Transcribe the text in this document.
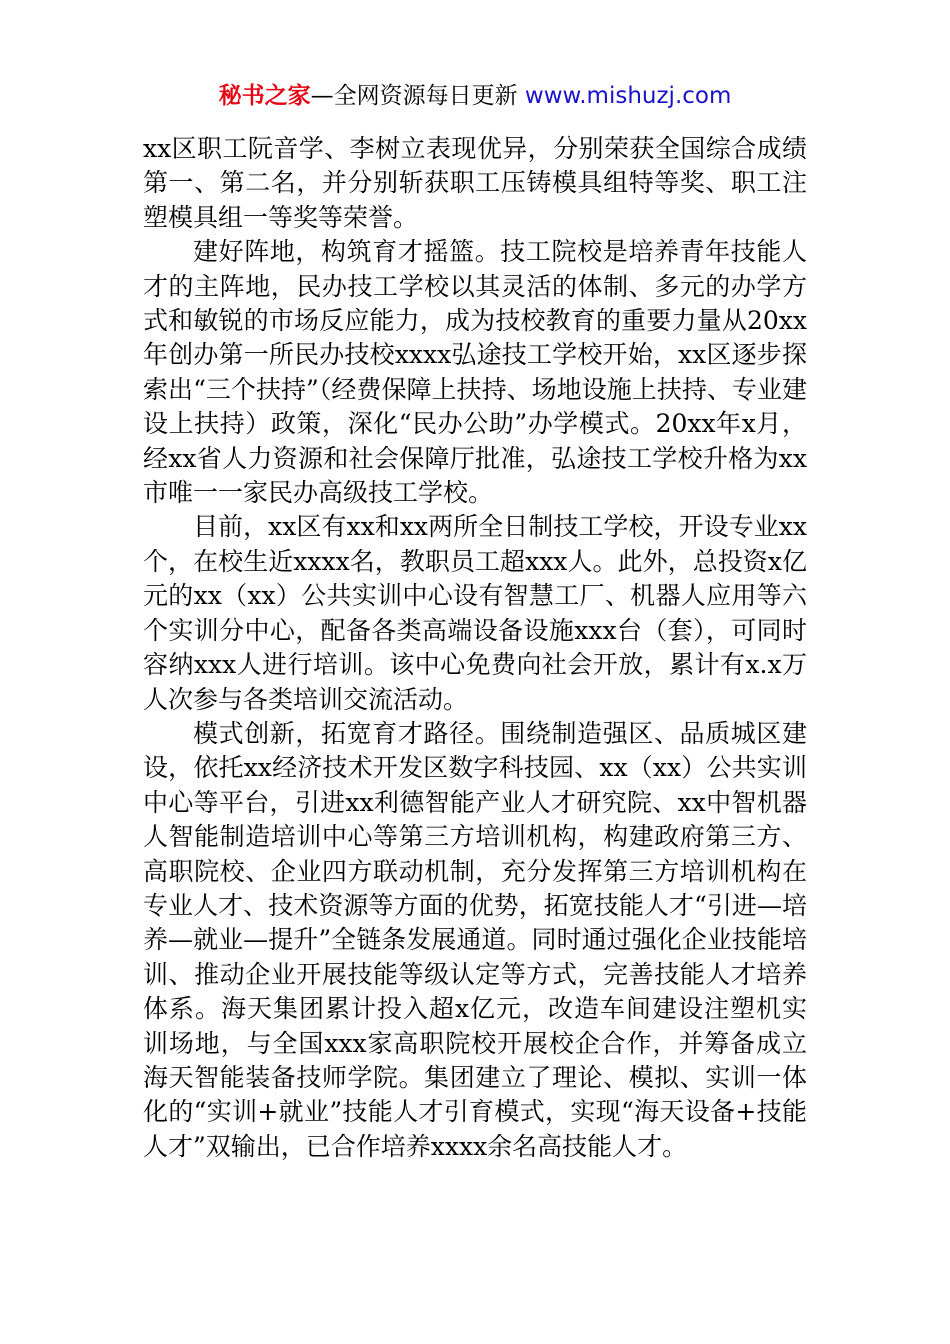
秘书之家—全网资源每日更新 www.mishuzj.com

xx区职工阮音学、李树立表现优异，分别荣获全国综合成绩第一、第二名，并分别斩获职工压铸模具组特等奖、职工注塑模具组一等奖等荣誉。

建好阵地，构筑育才摇篮。技工院校是培养青年技能人才的主阵地，民办技工学校以其灵活的体制、多元的办学方式和敏锐的市场反应能力，成为技校教育的重要力量从20xx年创办第一所民办技校xxxx弘途技工学校开始，xx区逐步探索出“三个扶持”（经费保障上扶持、场地设施上扶持、专业建设上扶持）政策，深化“民办公助”办学模式。20xx年x月，经xx省人力资源和社会保障厅批准，弘途技工学校升格为xx市唯一一家民办高级技工学校。

目前，xx区有xx和xx两所全日制技工学校，开设专业xx个，在校生近xxxx名，教职员工超xxx人。此外，总投资x亿元的xx（xx）公共实训中心设有智慧工厂、机器人应用等六个实训分中心，配备各类高端设备设施xxx台（套），可同时容纳xxx人进行培训。该中心免费向社会开放，累计有x.x万人次参与各类培训交流活动。

模式创新，拓宽育才路径。围绕制造强区、品质城区建设，依托xx经济技术开发区数字科技园、xx（xx）公共实训中心等平台，引进xx利德智能产业人才研究院、xx中智机器人智能制造培训中心等第三方培训机构，构建政府第三方、高职院校、企业四方联动机制，充分发挥第三方培训机构在专业人才、技术资源等方面的优势，拓宽技能人才“引进—培养—就业—提升”全链条发展通道。同时通过强化企业技能培训、推动企业开展技能等级认定等方式，完善技能人才培养体系。海天集团累计投入超x亿元，改造车间建设注塑机实训场地，与全国xxx家高职院校开展校企合作，并筹备成立海天智能装备技师学院。集团建立了理论、模拟、实训一体化的“实训+就业”技能人才引育模式，实现“海天设备+技能人才”双输出，已合作培养xxxx余名高技能人才。
